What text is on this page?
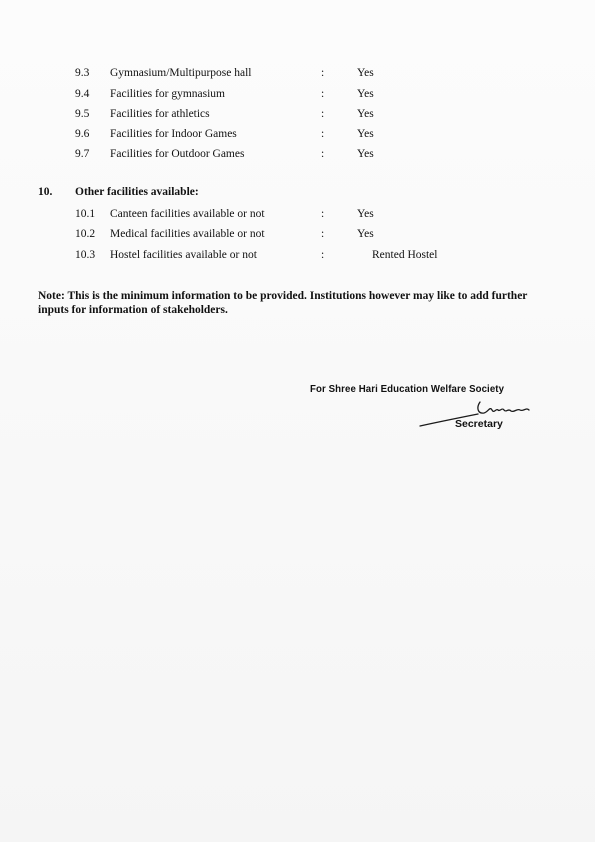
9.3 Gymnasium/Multipurpose hall	:	Yes
9.4 Facilities for gymnasium	:	Yes
9.5 Facilities for athletics	:	Yes
9.6 Facilities for Indoor Games	:	Yes
9.7 Facilities for Outdoor Games	:	Yes
10. Other facilities available:
10.1 Canteen facilities available or not	:	Yes
10.2 Medical facilities available or not	:	Yes
10.3 Hostel facilities available or not	:	Rented Hostel
Note: This is the minimum information to be provided. Institutions however may like to add further inputs for information of stakeholders.
For Shree Hari Education Welfare Society
Secretary
